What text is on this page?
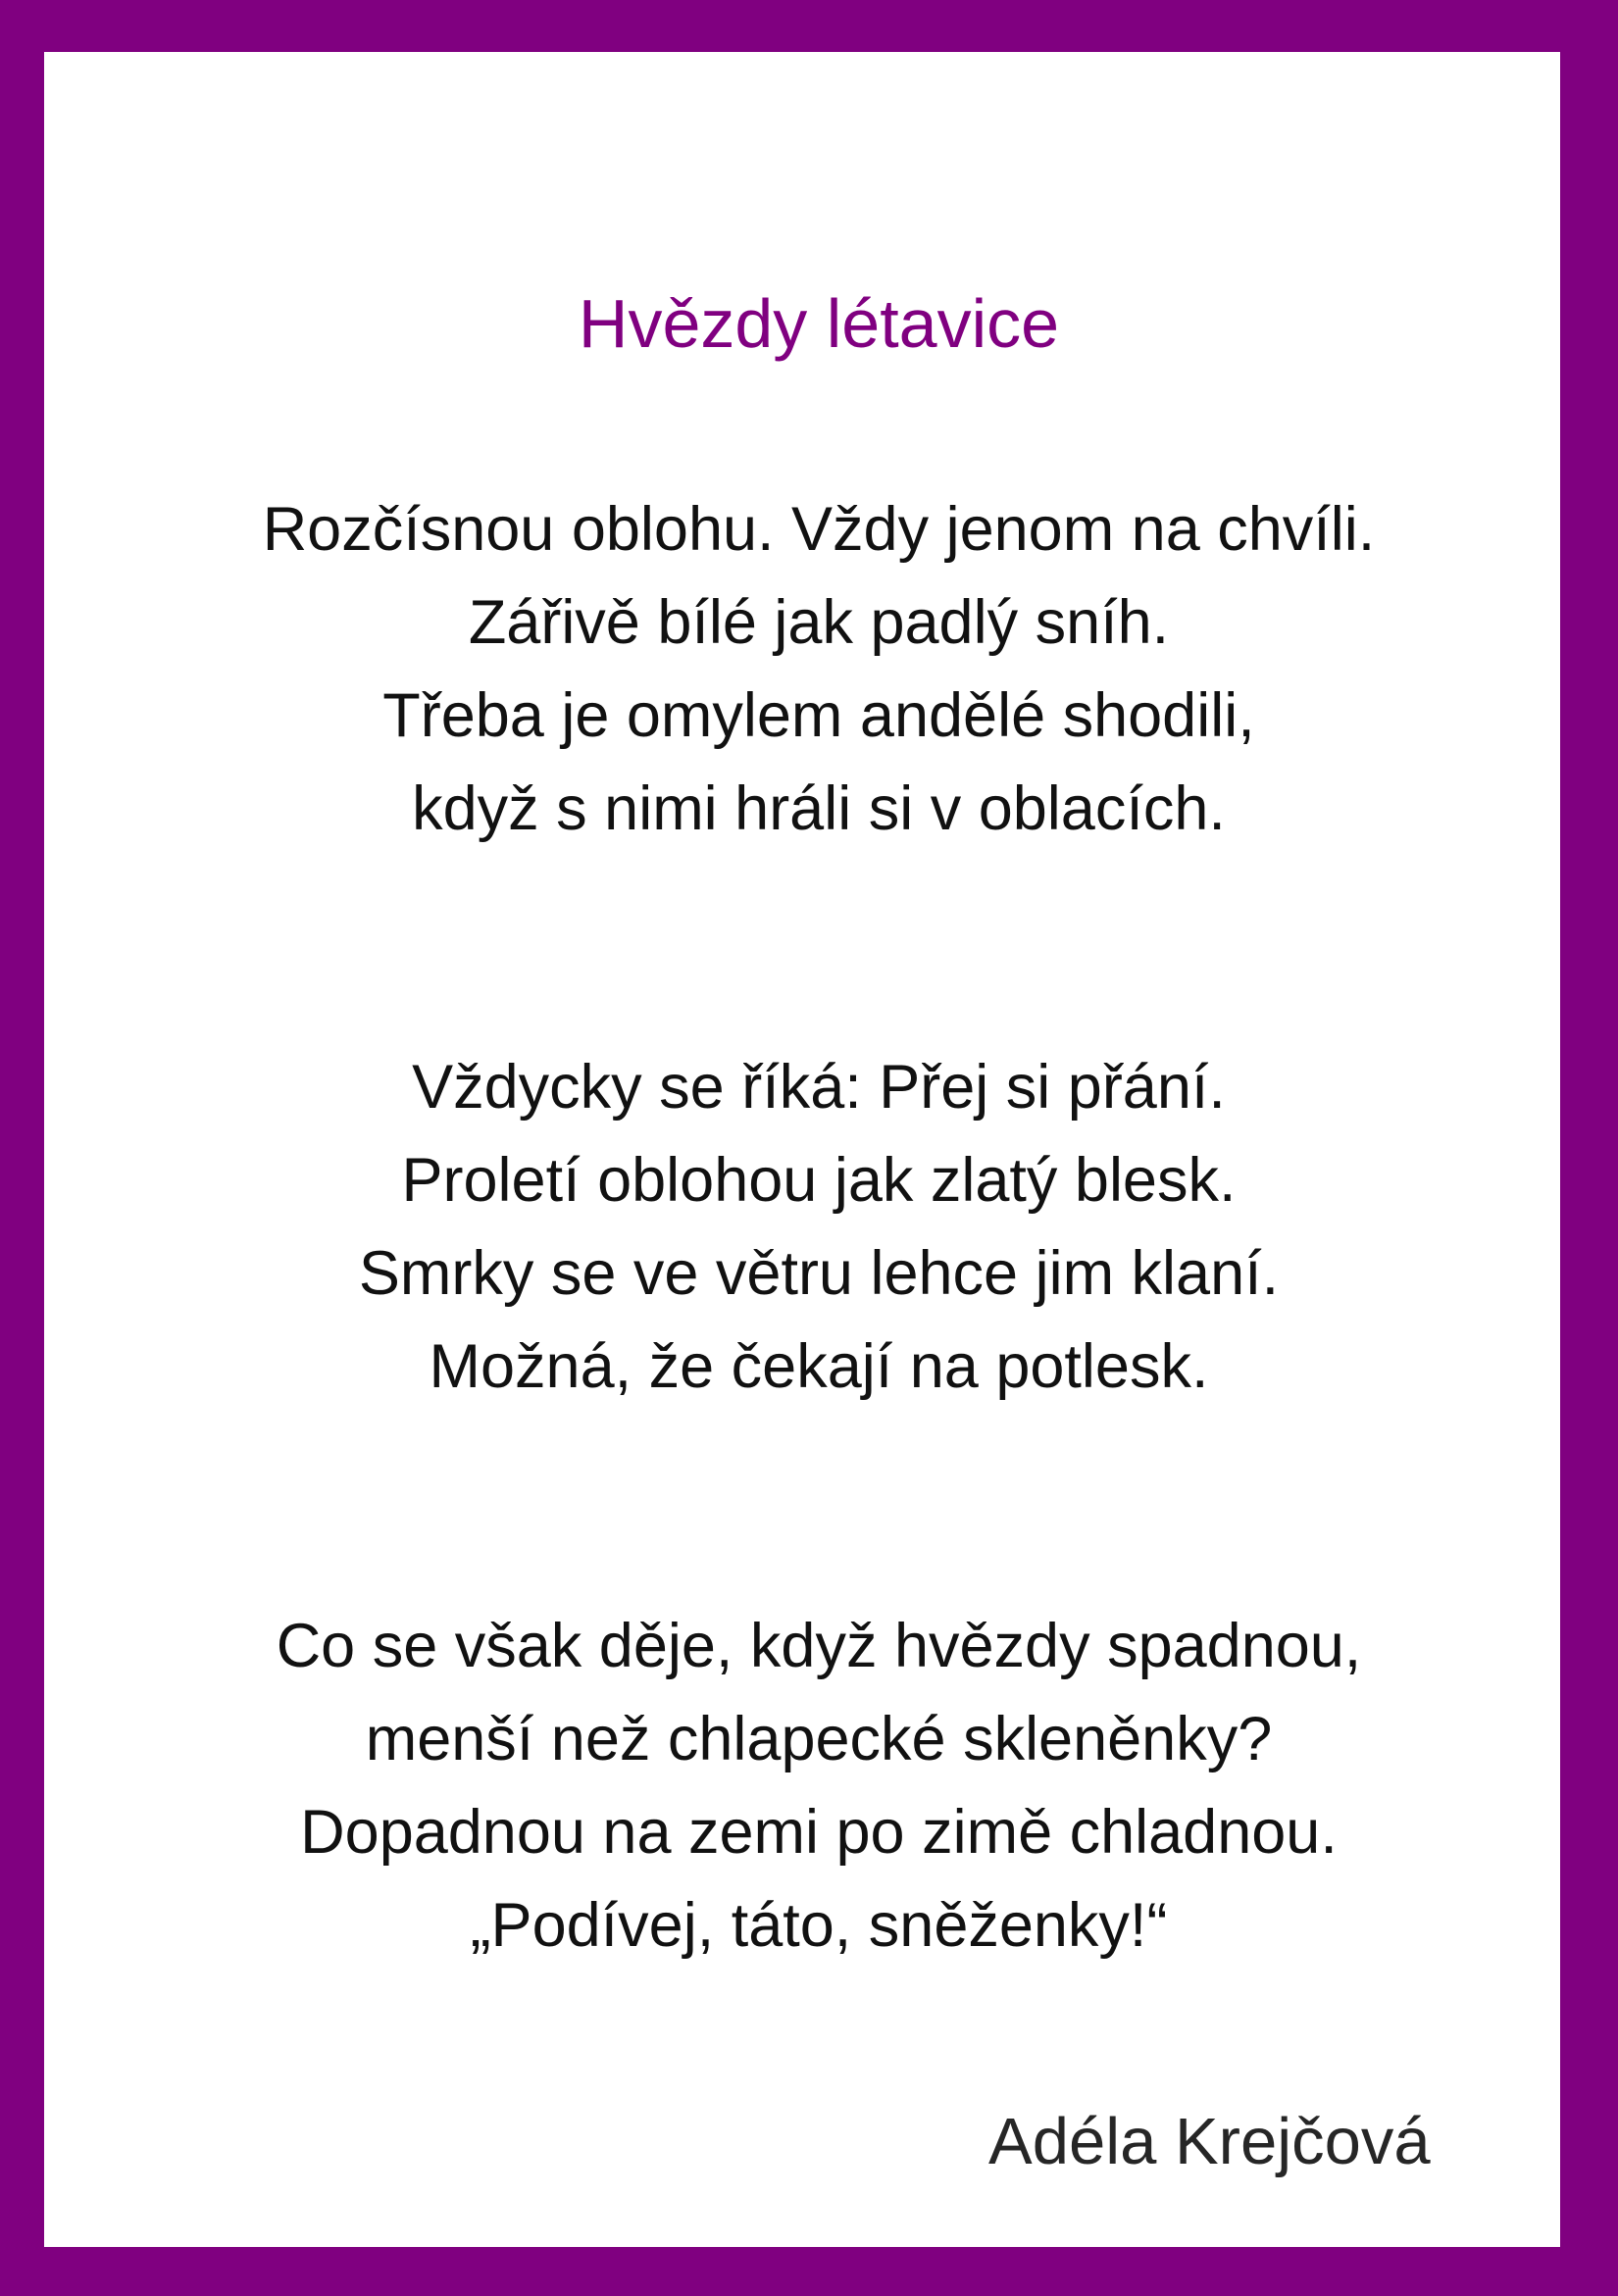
Hvězdy létavice
Rozčísnou oblohu. Vždy jenom na chvíli.
Zářivě bílé jak padlý sníh.
Třeba je omylem andělé shodili,
když s nimi hráli si v oblacích.
Vždycky se říká: Přej si přání.
Proletí oblohou jak zlatý blesk.
Smrky se ve větru lehce jim klaní.
Možná, že čekají na potlesk.
Co se však děje, když hvězdy spadnou,
menší než chlapecké skleněnky?
Dopadnou na zemi po zimě chladnou.
„Podívej, táto, sněženky!“

Adéla Krejčová
